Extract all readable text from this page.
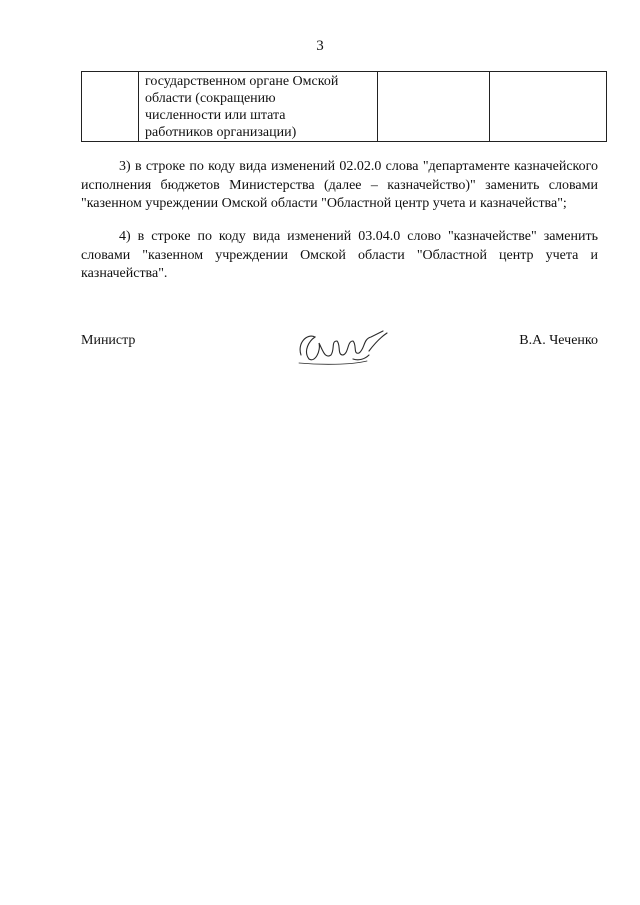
3

государственном органе Омской
области (сокращению
численности или штата
работников организации)

3) в строке по коду вида изменений 02.02.0 слова "департаменте казначейского исполнения бюджетов Министерства (далее – казначейство)" заменить словами "казенном учреждении Омской области "Областной центр учета и казначейства";

4) в строке по коду вида изменений 03.04.0 слово "казначействе" заменить словами "казенном учреждении Омской области "Областной центр учета и казначейства".

Министр	В.А. Чеченко
